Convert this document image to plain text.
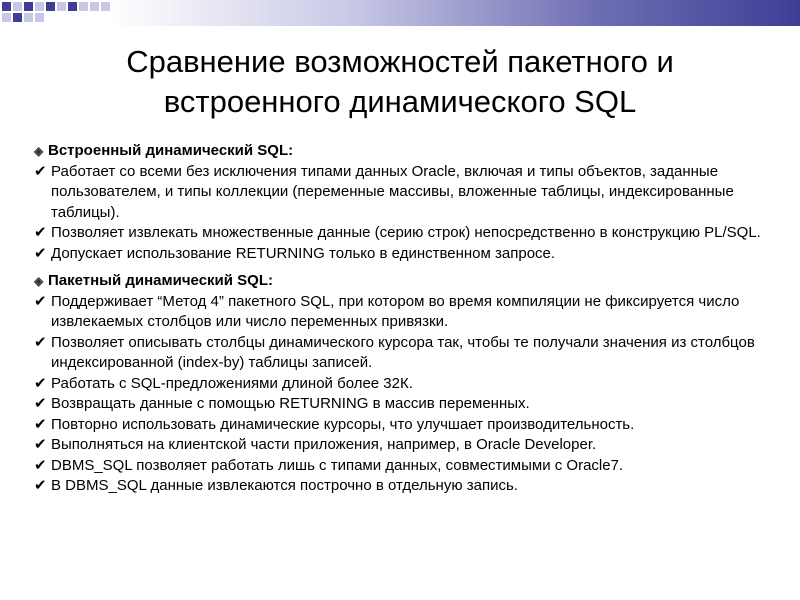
Сравнение возможностей пакетного и
встроенного динамического SQL
◈ Встроенный динамический SQL:
✔ Работает со всеми без исключения типами данных Oracle, включая и типы объектов, заданные пользователем, и типы коллекции (переменные массивы, вложенные таблицы, индексированные таблицы).
✔ Позволяет извлекать множественные данные (серию строк) непосредственно в конструкцию PL/SQL.
✔ Допускает использование RETURNING только в единственном запросе.
◈ Пакетный динамический SQL:
✔ Поддерживает “Метод 4” пакетного SQL, при котором во время компиляции не фиксируется число извлекаемых столбцов или число переменных привязки.
✔ Позволяет описывать столбцы динамического курсора так, чтобы те получали значения из столбцов индексированной (index-by) таблицы записей.
✔ Работать с SQL-предложениями длиной более 32К.
✔ Возвращать данные с помощью RETURNING в массив переменных.
✔ Повторно использовать динамические курсоры, что улучшает производительность.
✔ Выполняться на клиентской части приложения, например, в Oracle Developer.
✔ DBMS_SQL позволяет работать лишь с типами данных, совместимыми с Oracle7.
✔ В DBMS_SQL данные извлекаются построчно в отдельную запись.
